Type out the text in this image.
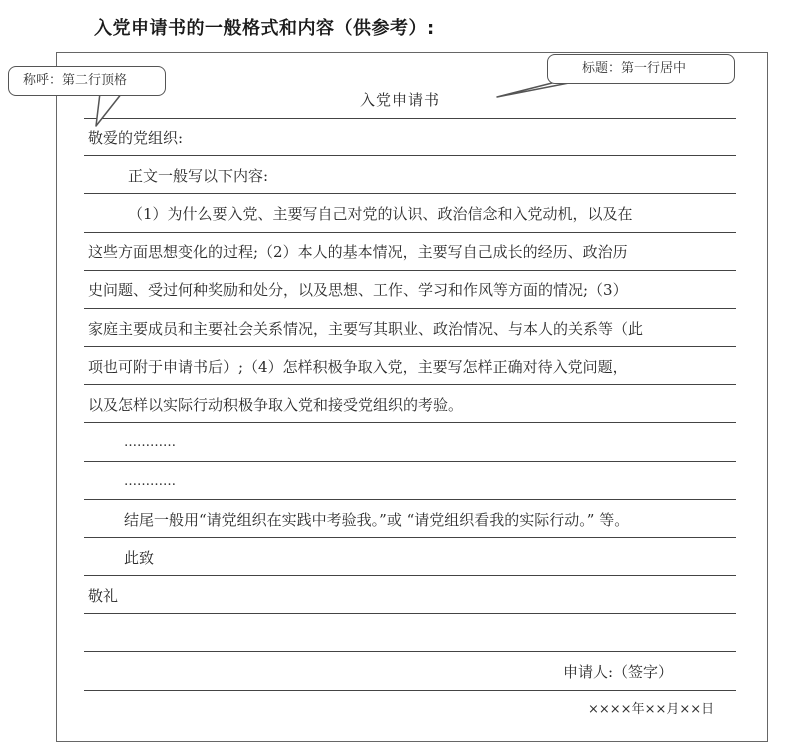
入党申请书的一般格式和内容（供参考）:
入党申请书
敬爱的党组织:
正文一般写以下内容:
（1）为什么要入党、主要写自己对党的认识、政治信念和入党动机，以及在
这些方面思想变化的过程;（2）本人的基本情况，主要写自己成长的经历、政治历
史问题、受过何种奖励和处分，以及思想、工作、学习和作风等方面的情况;（3）
家庭主要成员和主要社会关系情况，主要写其职业、政治情况、与本人的关系等（此
项也可附于申请书后）;（4）怎样积极争取入党，主要写怎样正确对待入党问题，
以及怎样以实际行动积极争取入党和接受党组织的考验。
…………
…………
结尾一般用“请党组织在实践中考验我。”或 “请党组织看我的实际行动。” 等。
此致
敬礼
申请人:（签字）
××××年××月××日
称呼：第二行顶格
标题：第一行居中
